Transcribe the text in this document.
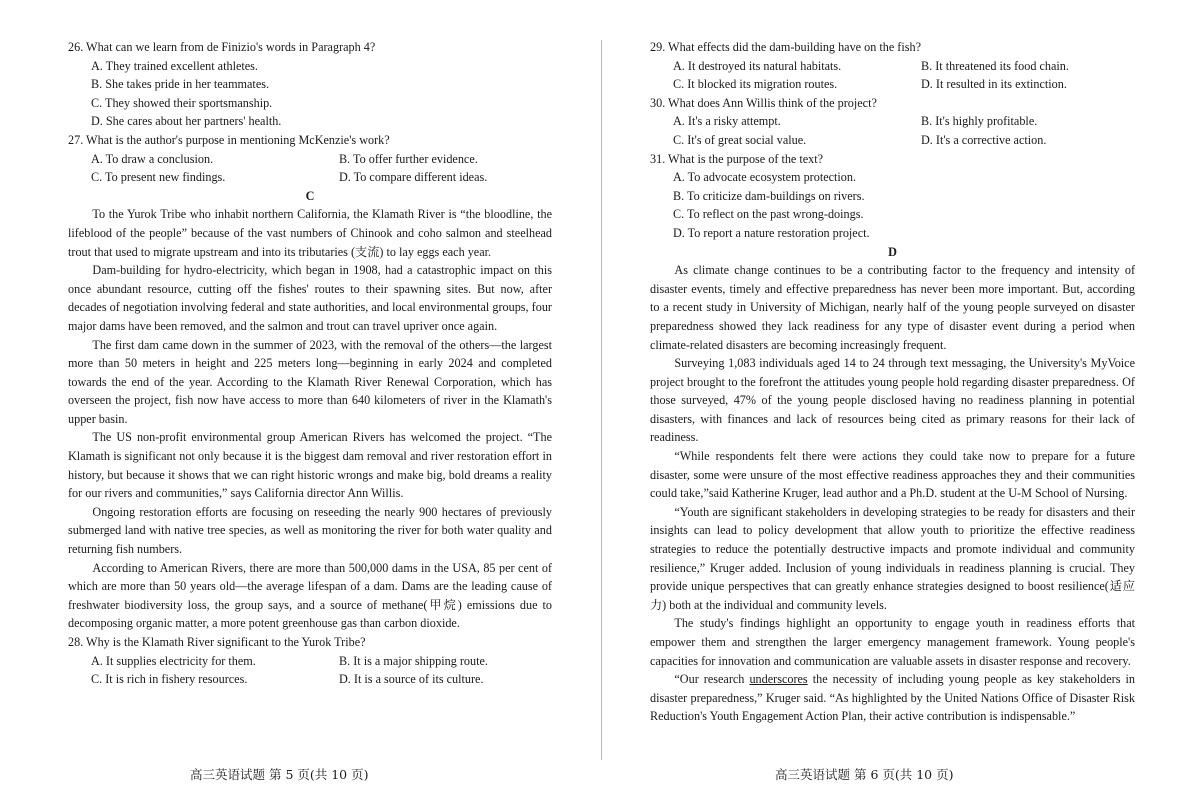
26. What can we learn from de Finizio's words in Paragraph 4?

A. They trained excellent athletes.
B. She takes pride in her teammates.
C. They showed their sportsmanship.
D. She cares about her partners' health.

27. What is the author's purpose in mentioning McKenzie's work?

A. To draw a conclusion.	B. To offer further evidence.
C. To present new findings.	D. To compare different ideas.

C

To the Yurok Tribe who inhabit northern California, the Klamath River is “the bloodline, the lifeblood of the people” because of the vast numbers of Chinook and coho salmon and steelhead trout that used to migrate upstream and into its tributaries (支流) to lay eggs each year.

Dam-building for hydro-electricity, which began in 1908, had a catastrophic impact on this once abundant resource, cutting off the fishes' routes to their spawning sites. But now, after decades of negotiation involving federal and state authorities, and local environmental groups, four major dams have been removed, and the salmon and trout can travel upriver once again.

The first dam came down in the summer of 2023, with the removal of the others—the largest more than 50 meters in height and 225 meters long—beginning in early 2024 and completed towards the end of the year. According to the Klamath River Renewal Corporation, which has overseen the project, fish now have access to more than 640 kilometers of river in the Klamath's upper basin.

The US non-profit environmental group American Rivers has welcomed the project. “The Klamath is significant not only because it is the biggest dam removal and river restoration effort in history, but because it shows that we can right historic wrongs and make big, bold dreams a reality for our rivers and communities,” says California director Ann Willis.

Ongoing restoration efforts are focusing on reseeding the nearly 900 hectares of previously submerged land with native tree species, as well as monitoring the river for both water quality and returning fish numbers.

According to American Rivers, there are more than 500,000 dams in the USA, 85 per cent of which are more than 50 years old—the average lifespan of a dam. Dams are the leading cause of freshwater biodiversity loss, the group says, and a source of methane(甲烷) emissions due to decomposing organic matter, a more potent greenhouse gas than carbon dioxide.

28. Why is the Klamath River significant to the Yurok Tribe?

A. It supplies electricity for them.	B. It is a major shipping route.
C. It is rich in fishery resources.	D. It is a source of its culture.
高三英语试题 第 5 页(共 10 页)

29. What effects did the dam-building have on the fish?

A. It destroyed its natural habitats.	B. It threatened its food chain.
C. It blocked its migration routes.	D. It resulted in its extinction.

30. What does Ann Willis think of the project?

A. It's a risky attempt.	B. It's highly profitable.
C. It's of great social value.	D. It's a corrective action.

31. What is the purpose of the text?

A. To advocate ecosystem protection.
B. To criticize dam-buildings on rivers.
C. To reflect on the past wrong-doings.
D. To report a nature restoration project.

D

As climate change continues to be a contributing factor to the frequency and intensity of disaster events, timely and effective preparedness has never been more important. But, according to a recent study in University of Michigan, nearly half of the young people surveyed on disaster preparedness showed they lack readiness for any type of disaster event during a period when climate-related disasters are becoming increasingly frequent.

Surveying 1,083 individuals aged 14 to 24 through text messaging, the University's MyVoice project brought to the forefront the attitudes young people hold regarding disaster preparedness. Of those surveyed, 47% of the young people disclosed having no readiness planning in potential disasters, with finances and lack of resources being cited as primary reasons for their lack of readiness.

“While respondents felt there were actions they could take now to prepare for a future disaster, some were unsure of the most effective readiness approaches they and their communities could take,”said Katherine Kruger, lead author and a Ph.D. student at the U-M School of Nursing.

“Youth are significant stakeholders in developing strategies to be ready for disasters and their insights can lead to policy development that allow youth to prioritize the effective readiness strategies to reduce the potentially destructive impacts and promote individual and community resilience,” Kruger added. Inclusion of young individuals in readiness planning is crucial. They provide unique perspectives that can greatly enhance strategies designed to boost resilience(适应力) both at the individual and community levels.

The study's findings highlight an opportunity to engage youth in readiness efforts that empower them and strengthen the larger emergency management framework. Young people's capacities for innovation and communication are valuable assets in disaster response and recovery.

“Our research underscores the necessity of including young people as key stakeholders in disaster preparedness,” Kruger said. “As highlighted by the United Nations Office of Disaster Risk Reduction's Youth Engagement Action Plan, their active contribution is indispensable.”

高三英语试题 第 6 页(共 10 页)
